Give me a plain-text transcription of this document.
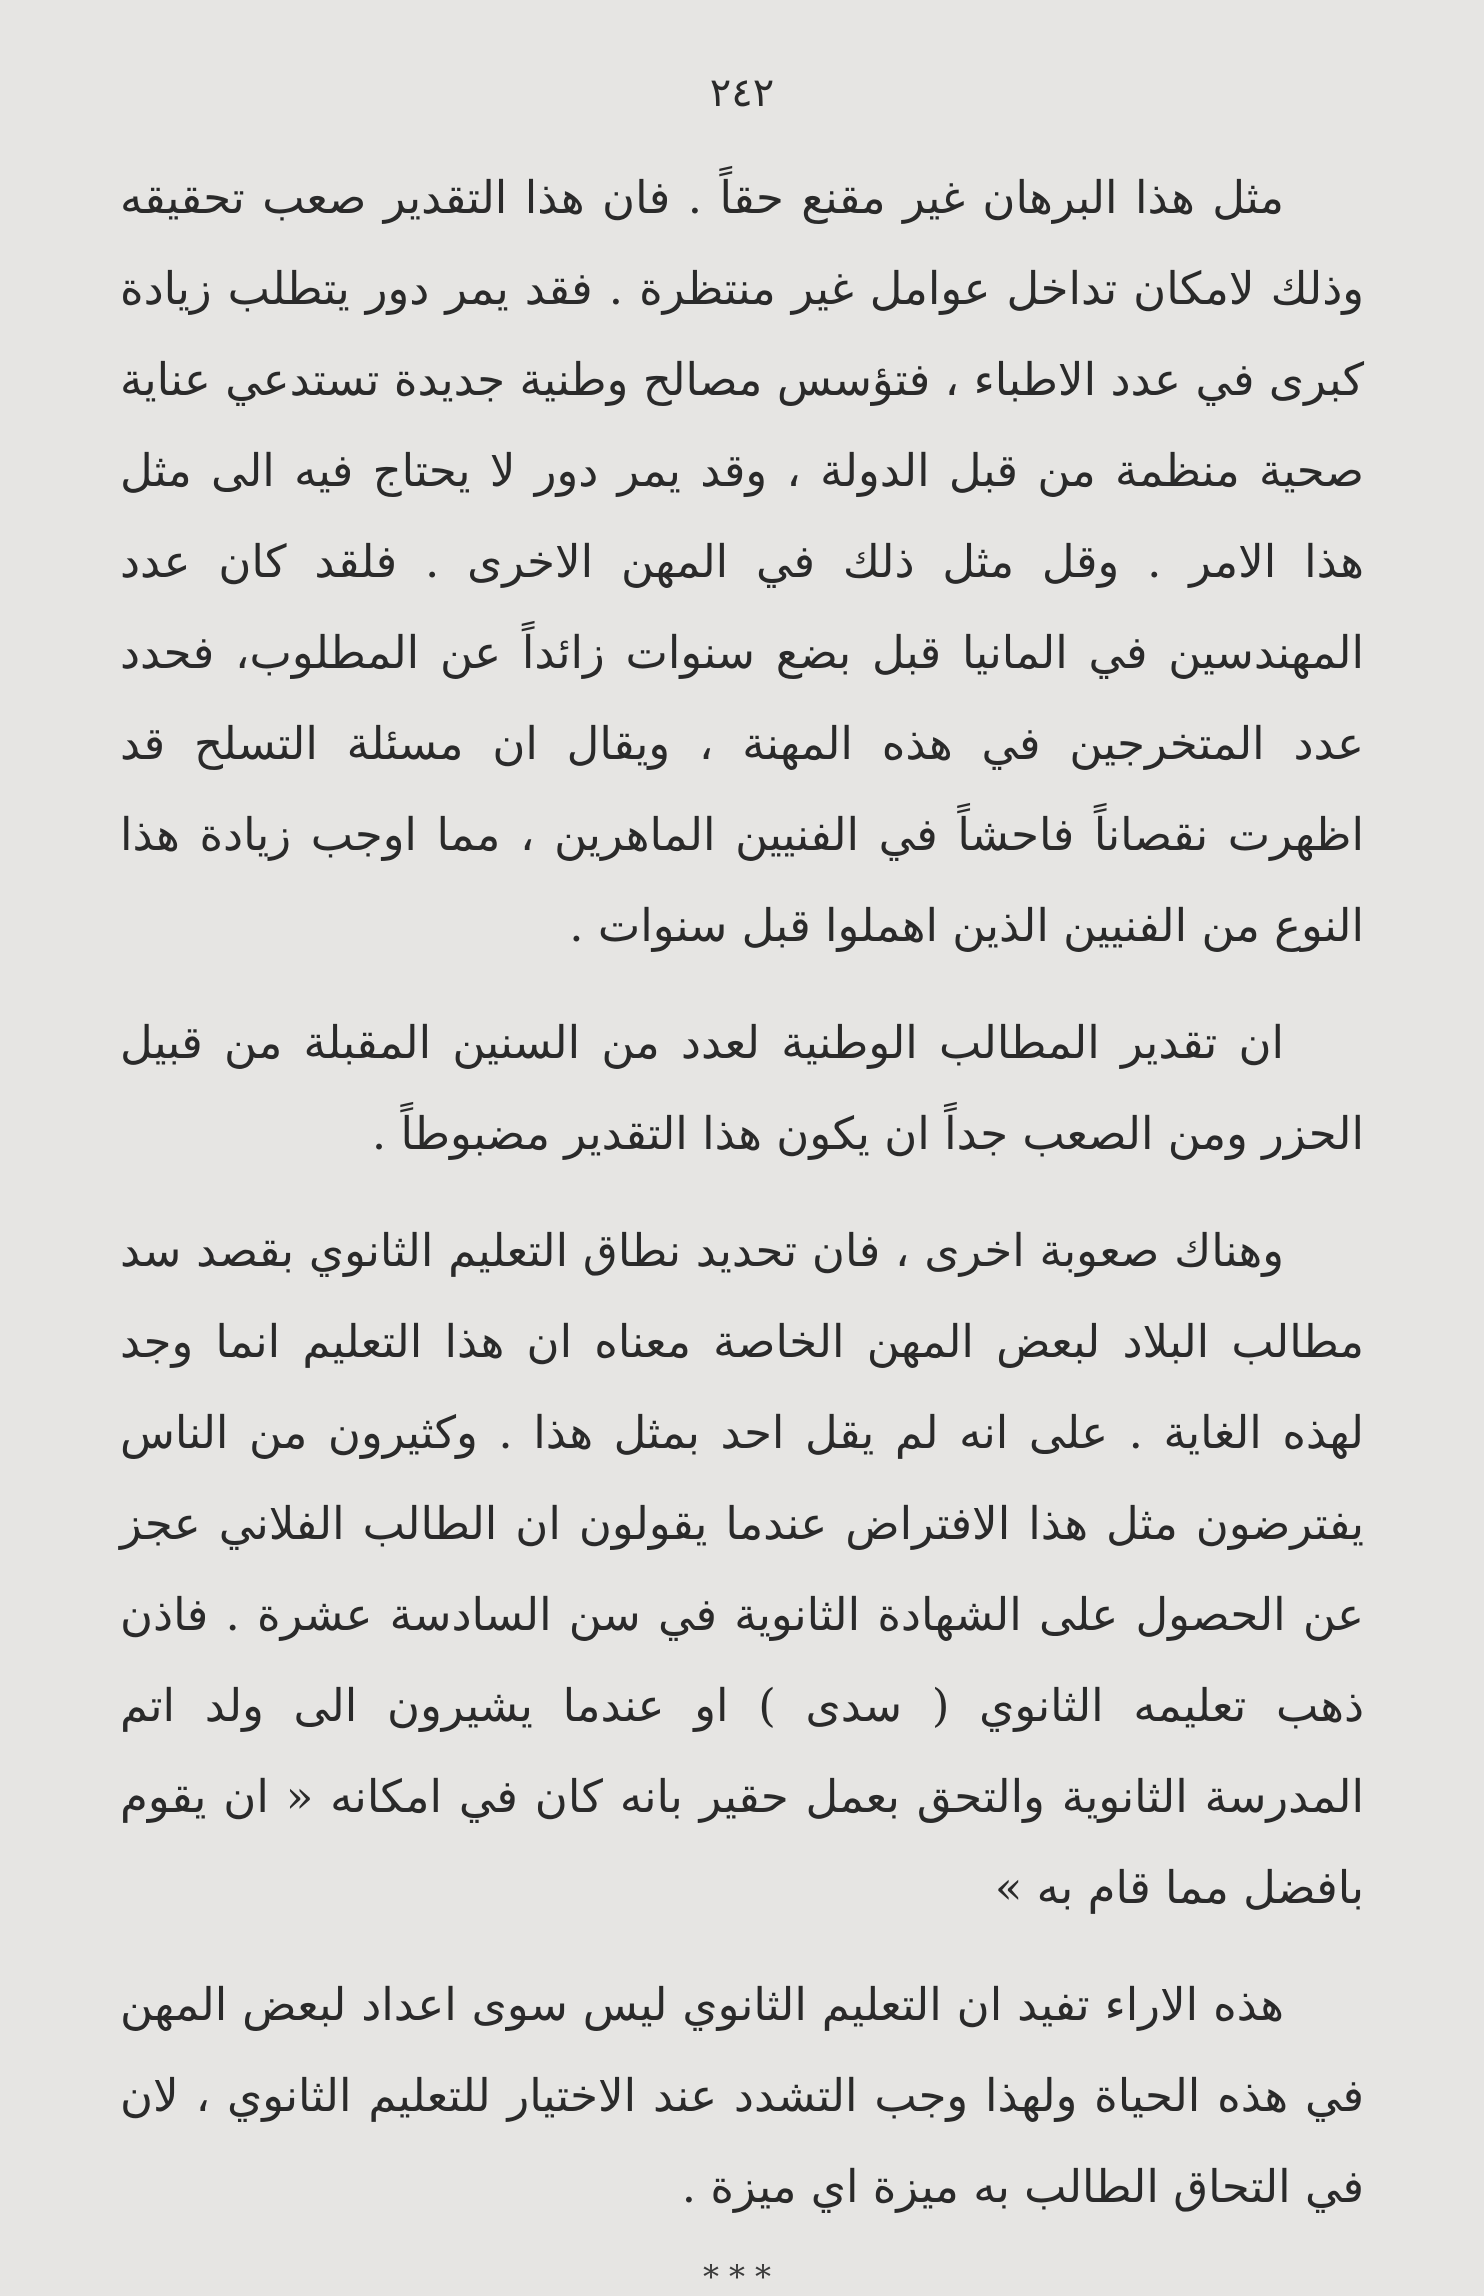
٢٤٢

مثل هذا البرهان غير مقنع حقاً . فان هذا التقدير صعب تحقيقه وذلك لامكان تداخل عوامل غير منتظرة . فقد يمر دور يتطلب زيادة كبرى في عدد الاطباء ، فتؤسس مصالح وطنية جديدة تستدعي عناية صحية منظمة من قبل الدولة ، وقد يمر دور لا يحتاج فيه الى مثل هذا الامر . وقل مثل ذلك في المهن الاخرى . فلقد كان عدد المهندسين في المانيا قبل بضع سنوات زائداً عن المطلوب، فحدد عدد المتخرجين في هذه المهنة ، ويقال ان مسئلة التسلح قد اظهرت نقصاناً فاحشاً في الفنيين الماهرين ، مما اوجب زيادة هذا النوع من الفنيين الذين اهملوا قبل سنوات .

ان تقدير المطالب الوطنية لعدد من السنين المقبلة من قبيل الحزر ومن الصعب جداً ان يكون هذا التقدير مضبوطاً .

وهناك صعوبة اخرى ، فان تحديد نطاق التعليم الثانوي بقصد سد مطالب البلاد لبعض المهن الخاصة معناه ان هذا التعليم انما وجد لهذه الغاية . على انه لم يقل احد بمثل هذا . وكثيرون من الناس يفترضون مثل هذا الافتراض عندما يقولون ان الطالب الفلاني عجز عن الحصول على الشهادة الثانوية في سن السادسة عشرة . فاذن ذهب تعليمه الثانوي ( سدى ) او عندما يشيرون الى ولد اتم المدرسة الثانوية والتحق بعمل حقير بانه كان في امكانه « ان يقوم بافضل مما قام به »

هذه الاراء تفيد ان التعليم الثانوي ليس سوى اعداد لبعض المهن في هذه الحياة ولهذا وجب التشدد عند الاختيار للتعليم الثانوي ، لان في التحاق الطالب به ميزة اي ميزة .

***
